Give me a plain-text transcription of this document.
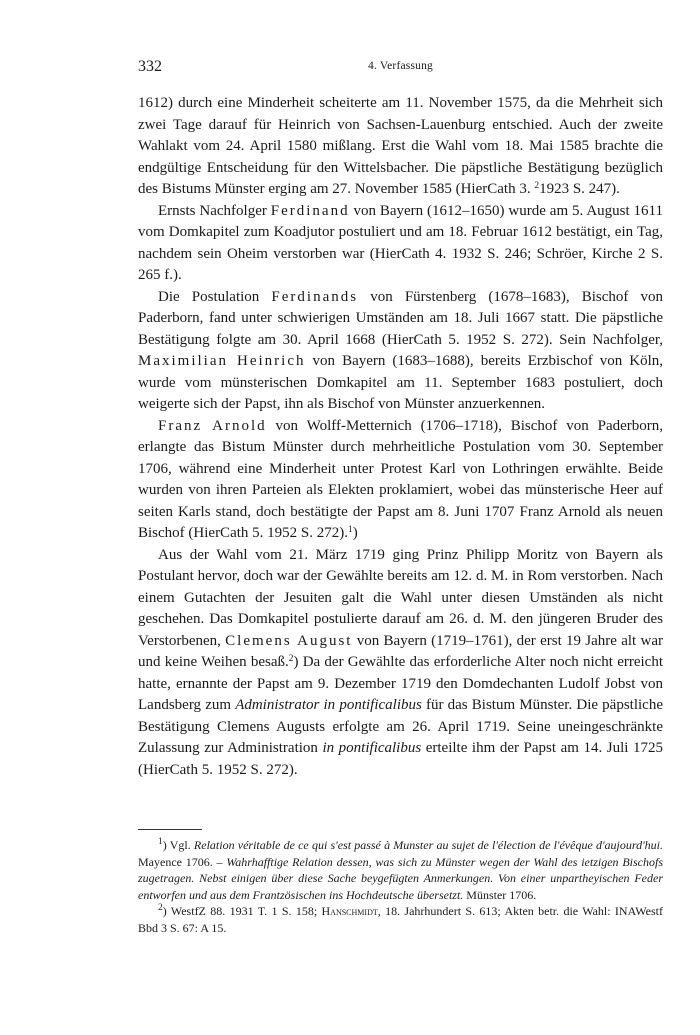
332	4. Verfassung

1612) durch eine Minderheit scheiterte am 11. November 1575, da die Mehrheit sich zwei Tage darauf für Heinrich von Sachsen-Lauenburg entschied. Auch der zweite Wahlakt vom 24. April 1580 mißlang. Erst die Wahl vom 18. Mai 1585 brachte die endgültige Entscheidung für den Wittelsbacher. Die päpstliche Bestätigung bezüglich des Bistums Münster erging am 27. November 1585 (HierCath 3. $^2$1923 S. 247).

Ernsts Nachfolger Ferdinand von Bayern (1612–1650) wurde am 5. August 1611 vom Domkapitel zum Koadjutor postuliert und am 18. Februar 1612 bestätigt, ein Tag, nachdem sein Oheim verstorben war (HierCath 4. 1932 S. 246; Schröer, Kirche 2 S. 265 f.).

Die Postulation Ferdinands von Fürstenberg (1678–1683), Bischof von Paderborn, fand unter schwierigen Umständen am 18. Juli 1667 statt. Die päpstliche Bestätigung folgte am 30. April 1668 (HierCath 5. 1952 S. 272). Sein Nachfolger, Maximilian Heinrich von Bayern (1683–1688), bereits Erzbischof von Köln, wurde vom münsterischen Domkapitel am 11. September 1683 postuliert, doch weigerte sich der Papst, ihn als Bischof von Münster anzuerkennen.

Franz Arnold von Wolff-Metternich (1706–1718), Bischof von Paderborn, erlangte das Bistum Münster durch mehrheitliche Postulation vom 30. September 1706, während eine Minderheit unter Protest Karl von Lothringen erwählte. Beide wurden von ihren Parteien als Elekten proklamiert, wobei das münsterische Heer auf seiten Karls stand, doch bestätigte der Papst am 8. Juni 1707 Franz Arnold als neuen Bischof (HierCath 5. 1952 S. 272).$^1$)

Aus der Wahl vom 21. März 1719 ging Prinz Philipp Moritz von Bayern als Postulant hervor, doch war der Gewählte bereits am 12. d. M. in Rom verstorben. Nach einem Gutachten der Jesuiten galt die Wahl unter diesen Umständen als nicht geschehen. Das Domkapitel postulierte darauf am 26. d. M. den jüngeren Bruder des Verstorbenen, Clemens August von Bayern (1719–1761), der erst 19 Jahre alt war und keine Weihen besaß.$^2$) Da der Gewählte das erforderliche Alter noch nicht erreicht hatte, ernannte der Papst am 9. Dezember 1719 den Domdechanten Ludolf Jobst von Landsberg zum Administrator in pontificalibus für das Bistum Münster. Die päpstliche Bestätigung Clemens Augusts erfolgte am 26. April 1719. Seine uneingeschränkte Zulassung zur Administration in pontificalibus erteilte ihm der Papst am 14. Juli 1725 (HierCath 5. 1952 S. 272).

$^1$) Vgl. Relation véritable de ce qui s'est passé à Munster au sujet de l'élection de l'évêque d'aujourd'hui. Mayence 1706. – Wahrhafftige Relation dessen, was sich zu Münster wegen der Wahl des ietzigen Bischofs zugetragen. Nebst einigen über diese Sache beygefügten Anmerkungen. Von einer unpartheyischen Feder entworfen und aus dem Frantzösischen ins Hochdeutsche übersetzt. Münster 1706.

$^2$) WestfZ 88. 1931 T. 1 S. 158; Hanschmidt, 18. Jahrhundert S. 613; Akten betr. die Wahl: INAWestf Bbd 3 S. 67: A 15.
